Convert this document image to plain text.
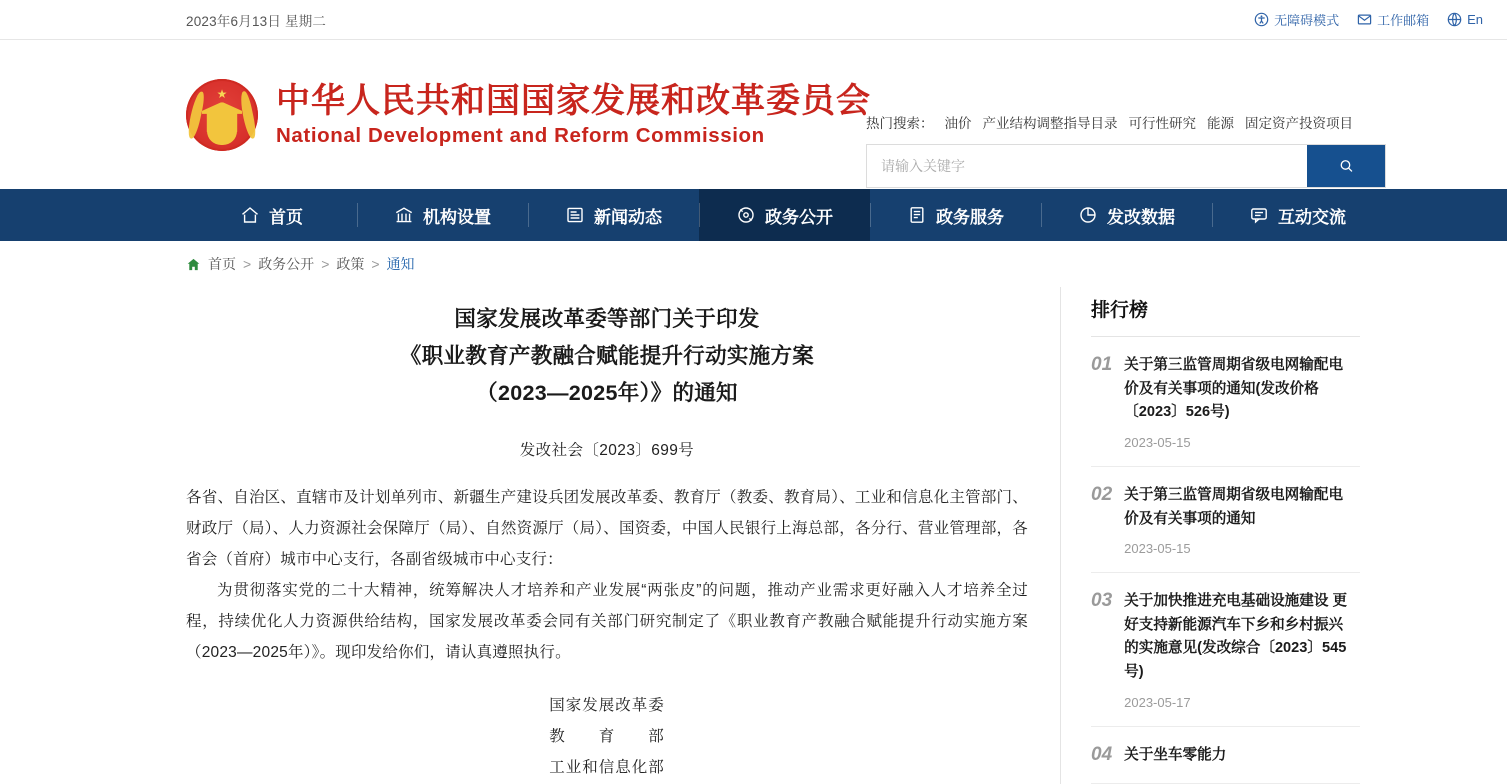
2023年6月13日 星期二	无障碍模式	工作邮箱	En
★ 中华人民共和国国家发展和改革委员会
National Development and Reform Commission
热门搜索： 油价 产业结构调整指导目录 可行性研究 能源 固定资产投资项目
请输入关键字
首页	机构设置	新闻动态	政务公开	政务服务	发改数据	互动交流
首页 > 政务公开 > 政策 > 通知
国家发展改革委等部门关于印发
《职业教育产教融合赋能提升行动实施方案
（2023—2025年）》的通知
发改社会〔2023〕699号

各省、自治区、直辖市及计划单列市、新疆生产建设兵团发展改革委、教育厅（教委、教育局）、工业和信息化主管部门、财政厅（局）、人力资源社会保障厅（局）、自然资源厅（局）、国资委，中国人民银行上海总部，各分行、营业管理部，各省会（首府）城市中心支行，各副省级城市中心支行：

为贯彻落实党的二十大精神，统筹解决人才培养和产业发展“两张皮”的问题，推动产业需求更好融入人才培养全过程，持续优化人力资源供给结构，国家发展改革委会同有关部门研究制定了《职业教育产教融合赋能提升行动实施方案（2023—2025年）》。现印发给你们，请认真遵照执行。

国家发展改革委
教　　育　　部
工业和信息化部
排行榜
01 关于第三监管周期省级电网输配电价及有关事项的通知(发改价格〔2023〕526号)
2023-05-15
02 关于第三监管周期省级电网输配电价及有关事项的通知
2023-05-15
03 关于加快推进充电基础设施建设 更好支持新能源汽车下乡和乡村振兴的实施意见(发改综合〔2023〕545号)
2023-05-17
04 关于坐车零能力
